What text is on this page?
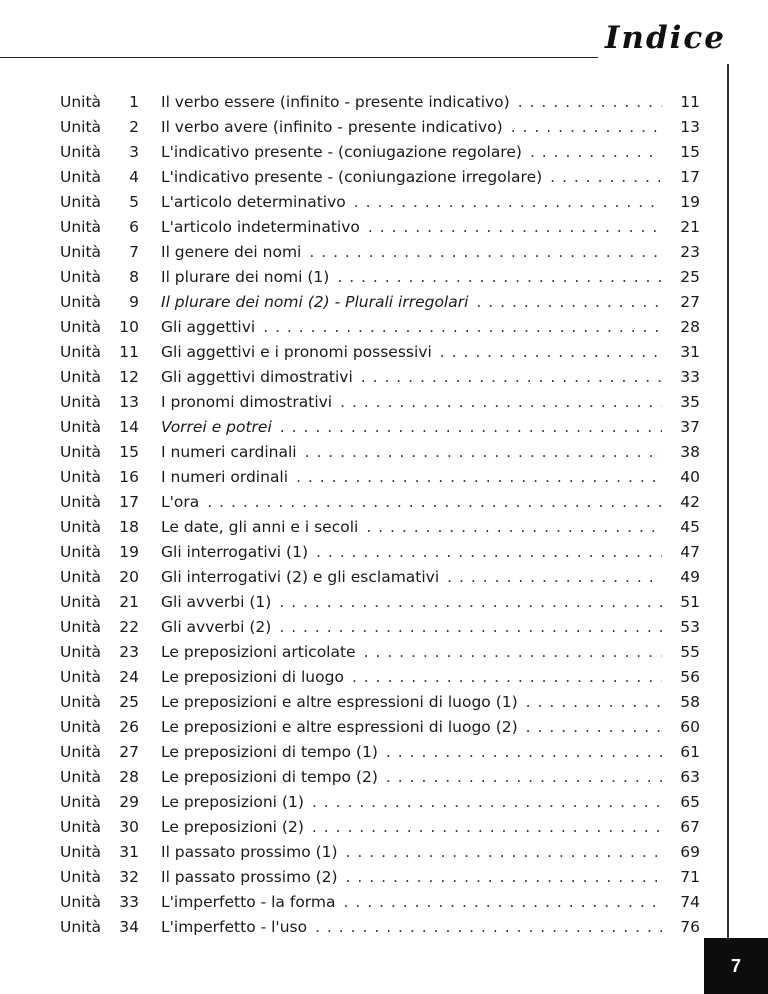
Indice
Unità	1 Il verbo essere (infinito - presente indicativo) . . .	11
Unità	2 Il verbo avere (infinito - presente indicativo) . . .	13
Unità	3 L'indicativo presente - (coniugazione regolare) . . .	15
Unità	4 L'indicativo presente - (coniungazione irregolare) . . .	17
Unità	5 L'articolo determinativo . . .	19
Unità	6 L'articolo indeterminativo . . .	21
Unità	7 Il genere dei nomi . . .	23
Unità	8 Il plurare dei nomi (1) . . .	25
Unità	9 Il plurare dei nomi (2) - Plurali irregolari . . .	27
Unità	10 Gli aggettivi . . .	28
Unità	11 Gli aggettivi e i pronomi possessivi . . .	31
Unità	12 Gli aggettivi dimostrativi . . .	33
Unità	13 I pronomi dimostrativi . . .	35
Unità	14 Vorrei e potrei . . .	37
Unità	15 I numeri cardinali . . .	38
Unità	16 I numeri ordinali . . .	40
Unità	17 L'ora . . .	42
Unità	18 Le date, gli anni e i secoli . . .	45
Unità	19 Gli interrogativi (1) . . .	47
Unità	20 Gli interrogativi (2) e gli esclamativi . . .	49
Unità	21 Gli avverbi (1) . . .	51
Unità	22 Gli avverbi (2) . . .	53
Unità	23 Le preposizioni articolate . . .	55
Unità	24 Le preposizioni di luogo . . .	56
Unità	25 Le preposizioni e altre espressioni di luogo (1) . . .	58
Unità	26 Le preposizioni e altre espressioni di luogo (2) . . .	60
Unità	27 Le preposizioni di tempo (1) . . .	61
Unità	28 Le preposizioni di tempo (2) . . .	63
Unità	29 Le preposizioni (1) . . .	65
Unità	30 Le preposizioni (2) . . .	67
Unità	31 Il passato prossimo (1) . . .	69
Unità	32 Il passato prossimo (2) . . .	71
Unità	33 L'imperfetto - la forma . . .	74
Unità	34 L'imperfetto - l'uso . . .	76
7
